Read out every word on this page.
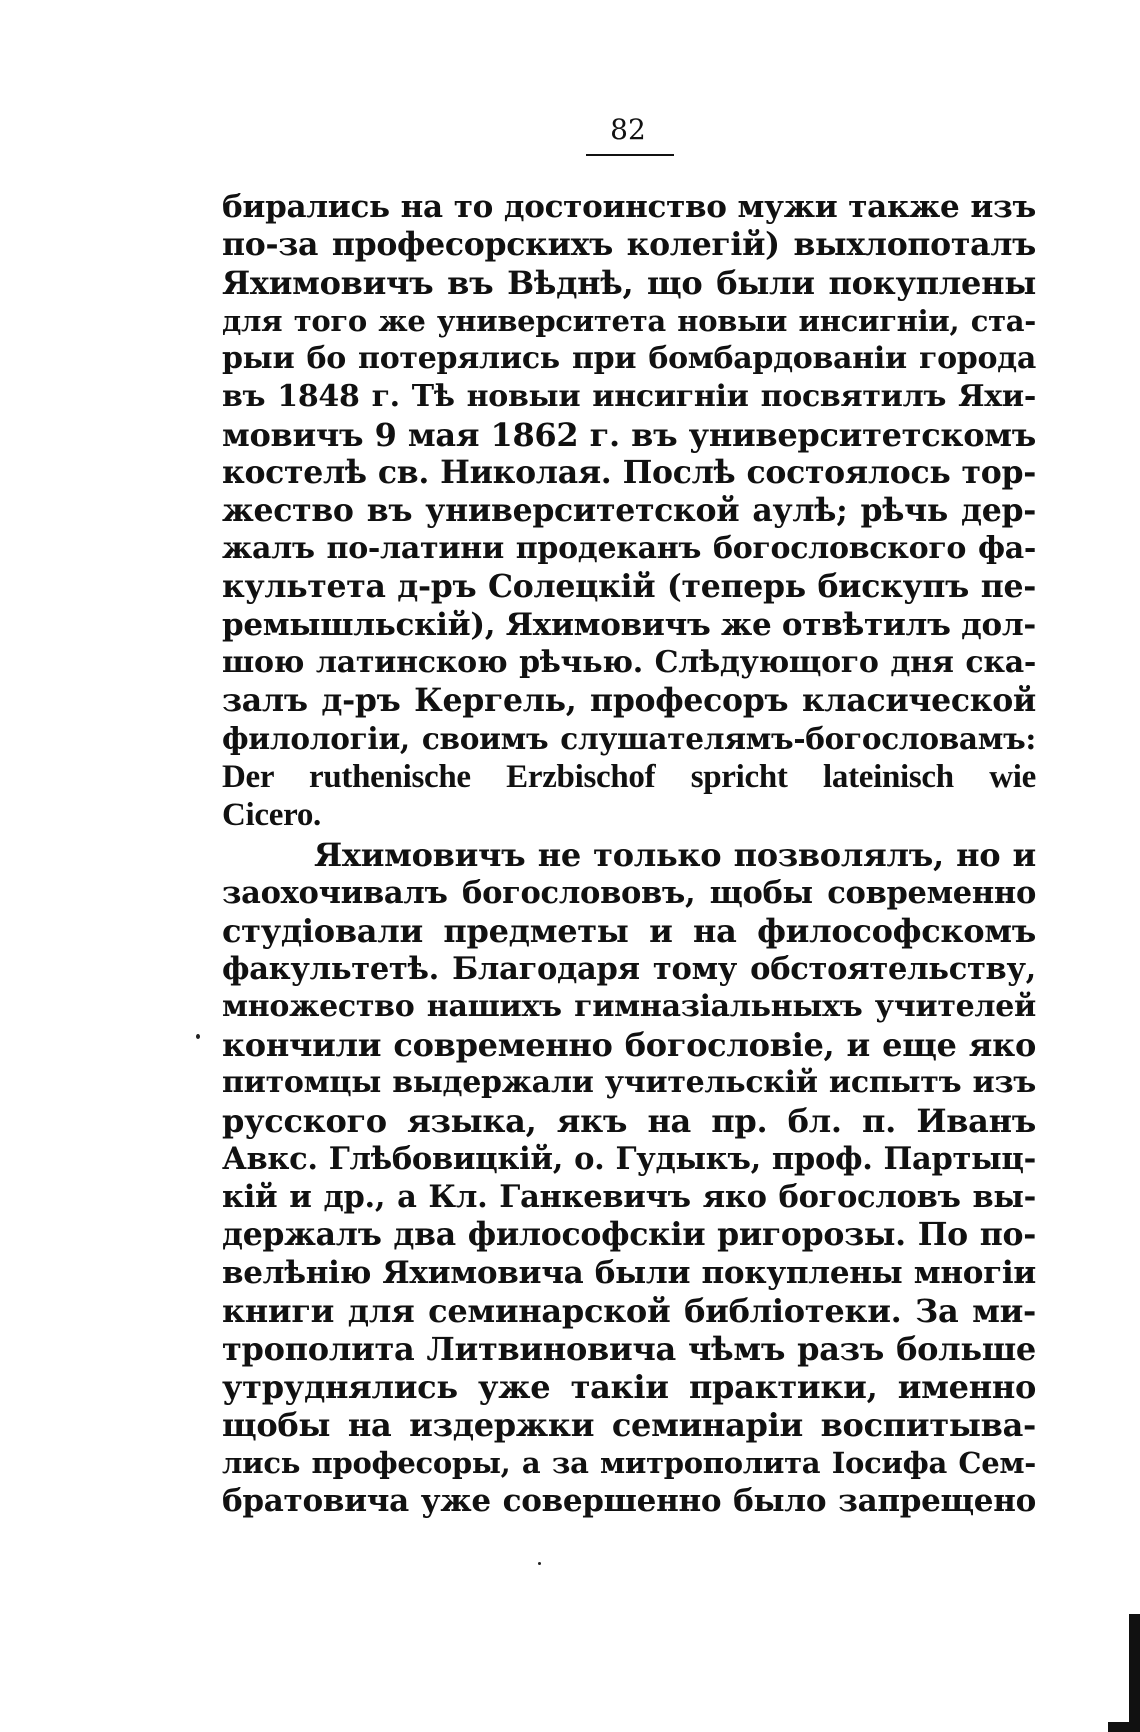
82
бирались на то достоинство мужи также изъ
по-за професорскихъ колегій) выхлопоталъ
Яхимовичъ въ Вѣднѣ, що были покуплены
для того же университета новыи инсигніи, ста-
рыи бо потерялись при бомбардованіи города
въ 1848 г. Тѣ новыи инсигніи посвятилъ Яхи-
мовичъ 9 мая 1862 г. въ университетскомъ
костелѣ св. Николая. Послѣ состоялось тор-
жество въ университетской аулѣ; рѣчь дер-
жалъ по-латини продеканъ богословского фа-
культета д-ръ Солецкій (теперь бискупъ пе-
ремышльскій), Яхимовичъ же отвѣтилъ дол-
шою латинскою рѣчью. Слѣдующого дня ска-
залъ д-ръ Кергель, професоръ класической
филологіи, своимъ слушателямъ-богословамъ:
Der ruthenische Erzbischof spricht lateinisch wie
Cicero.
Яхимовичъ не только позволялъ, но и
заохочивалъ богослововъ, щобы современно
студіовали предметы и на философскомъ
факультетѣ. Благодаря тому обстоятельству,
множество нашихъ гимназіальныхъ учителей
кончили современно богословіе, и еще яко
питомцы выдержали учительскій испытъ изъ
русского языка, якъ на пр. бл. п. Иванъ
Авкс. Глѣбовицкій, о. Гудыкъ, проф. Партыц-
кій и др., а Кл. Ганкевичъ яко богословъ вы-
держалъ два философскіи ригорозы. По по-
велѣнію Яхимовича были покуплены многіи
книги для семинарской библіотеки. За ми-
трополита Литвиновича чѣмъ разъ больше
утруднялись уже такіи практики, именно
щобы на издержки семинаріи воспитыва-
лись професоры, а за митрополита Іосифа Сем-
братовича уже совершенно было запрещено
